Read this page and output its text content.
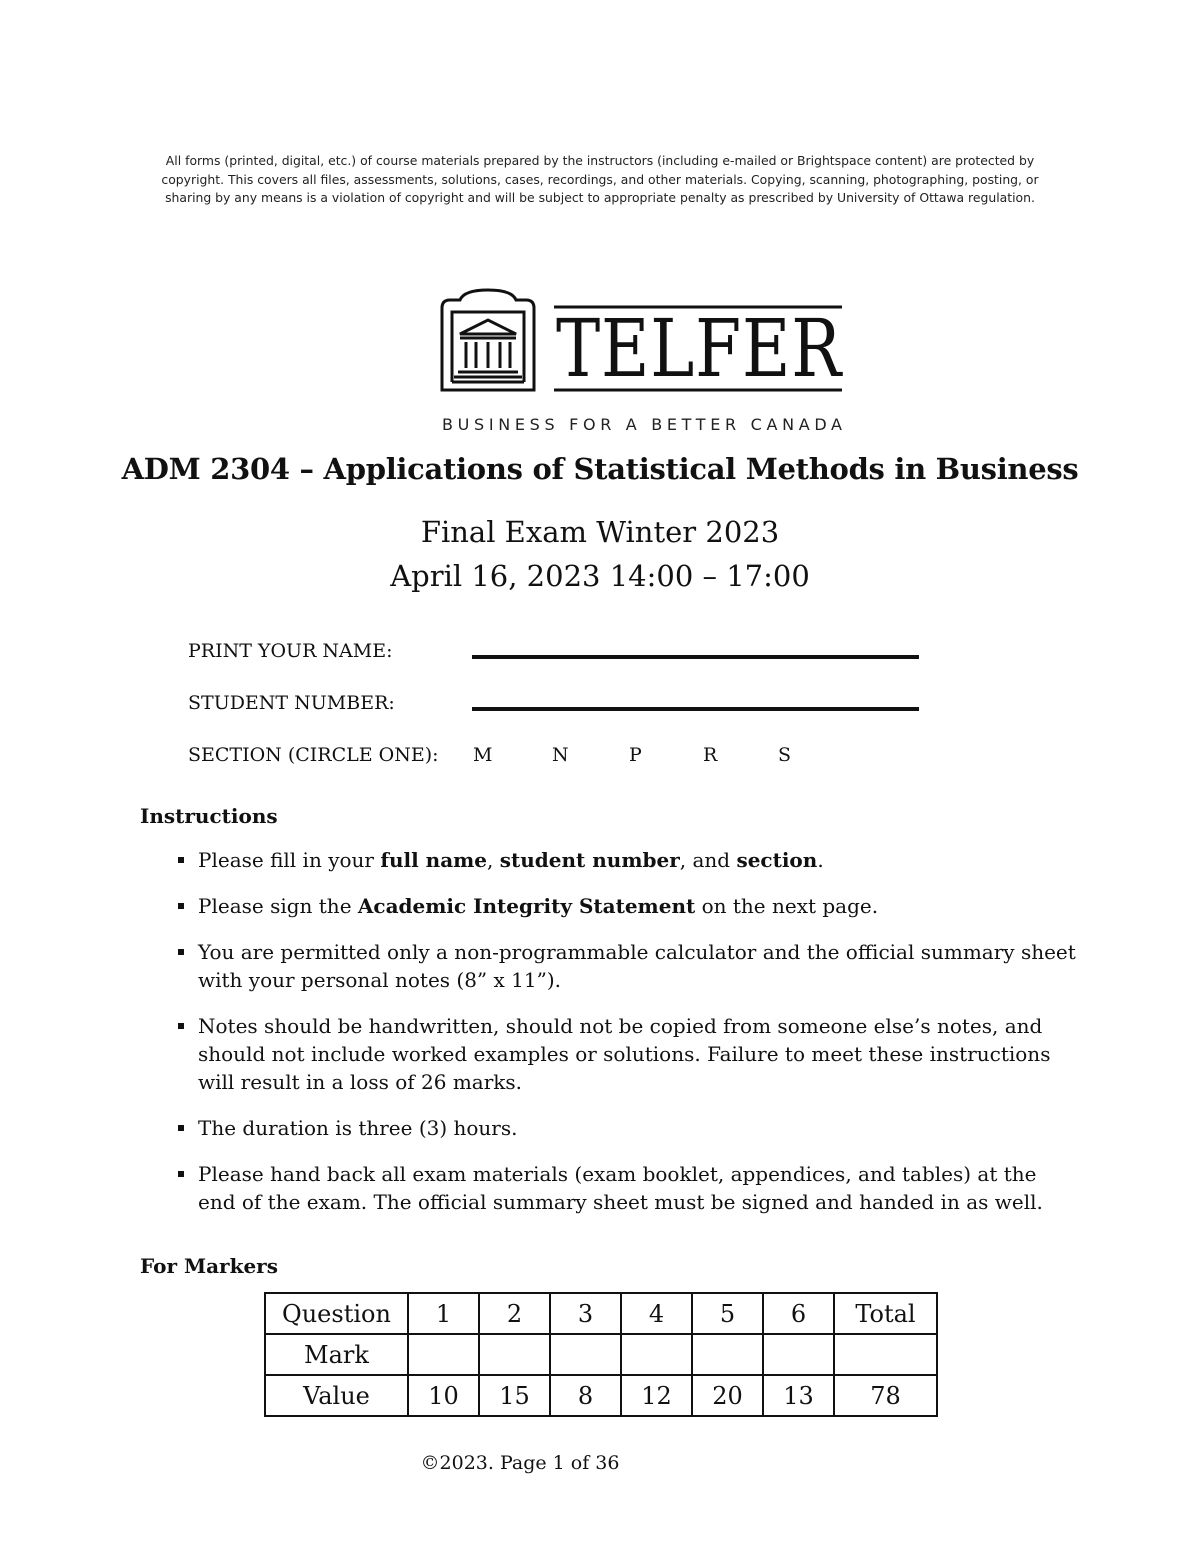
All forms (printed, digital, etc.) of course materials prepared by the instructors (including e-mailed or Brightspace content) are protected by copyright. This covers all files, assessments, solutions, cases, recordings, and other materials. Copying, scanning, photographing, posting, or sharing by any means is a violation of copyright and will be subject to appropriate penalty as prescribed by University of Ottawa regulation.
TELFER
BUSINESS FOR A BETTER CANADA
ADM 2304 – Applications of Statistical Methods in Business
Final Exam Winter 2023
April 16, 2023 14:00 – 17:00
PRINT YOUR NAME:
STUDENT NUMBER:
SECTION (CIRCLE ONE): M	N	P	R	S
Instructions
Please fill in your full name, student number, and section.
Please sign the Academic Integrity Statement on the next page.
You are permitted only a non-programmable calculator and the official summary sheet with your personal notes (8” x 11”).
Notes should be handwritten, should not be copied from someone else’s notes, and should not include worked examples or solutions. Failure to meet these instructions will result in a loss of 26 marks.
The duration is three (3) hours.
Please hand back all exam materials (exam booklet, appendices, and tables) at the end of the exam. The official summary sheet must be signed and handed in as well.
For Markers
Question	1	2	3	4	5	6	Total
Mark							
Value	10	15	8	12	20	13	78
©2023. Page 1 of 36
